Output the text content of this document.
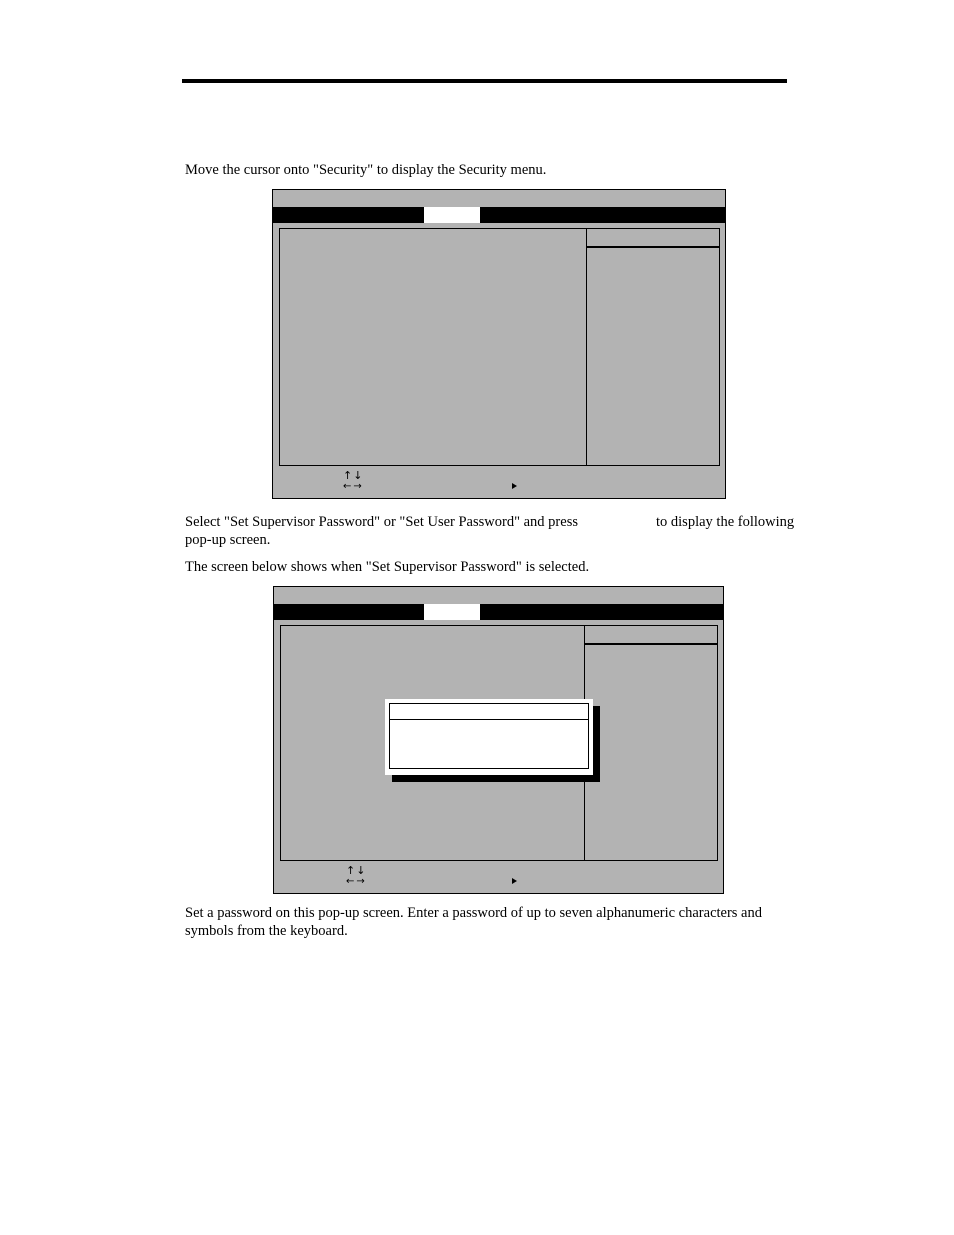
Move the cursor onto "Security" to display the Security menu.

↑↓
←→

Select "Set Supervisor Password" or "Set User Password" and press	to display the following

pop-up screen.

The screen below shows when "Set Supervisor Password" is selected.

↑↓
←→

Set a password on this pop-up screen. Enter a password of up to seven alphanumeric characters and symbols from the keyboard.
